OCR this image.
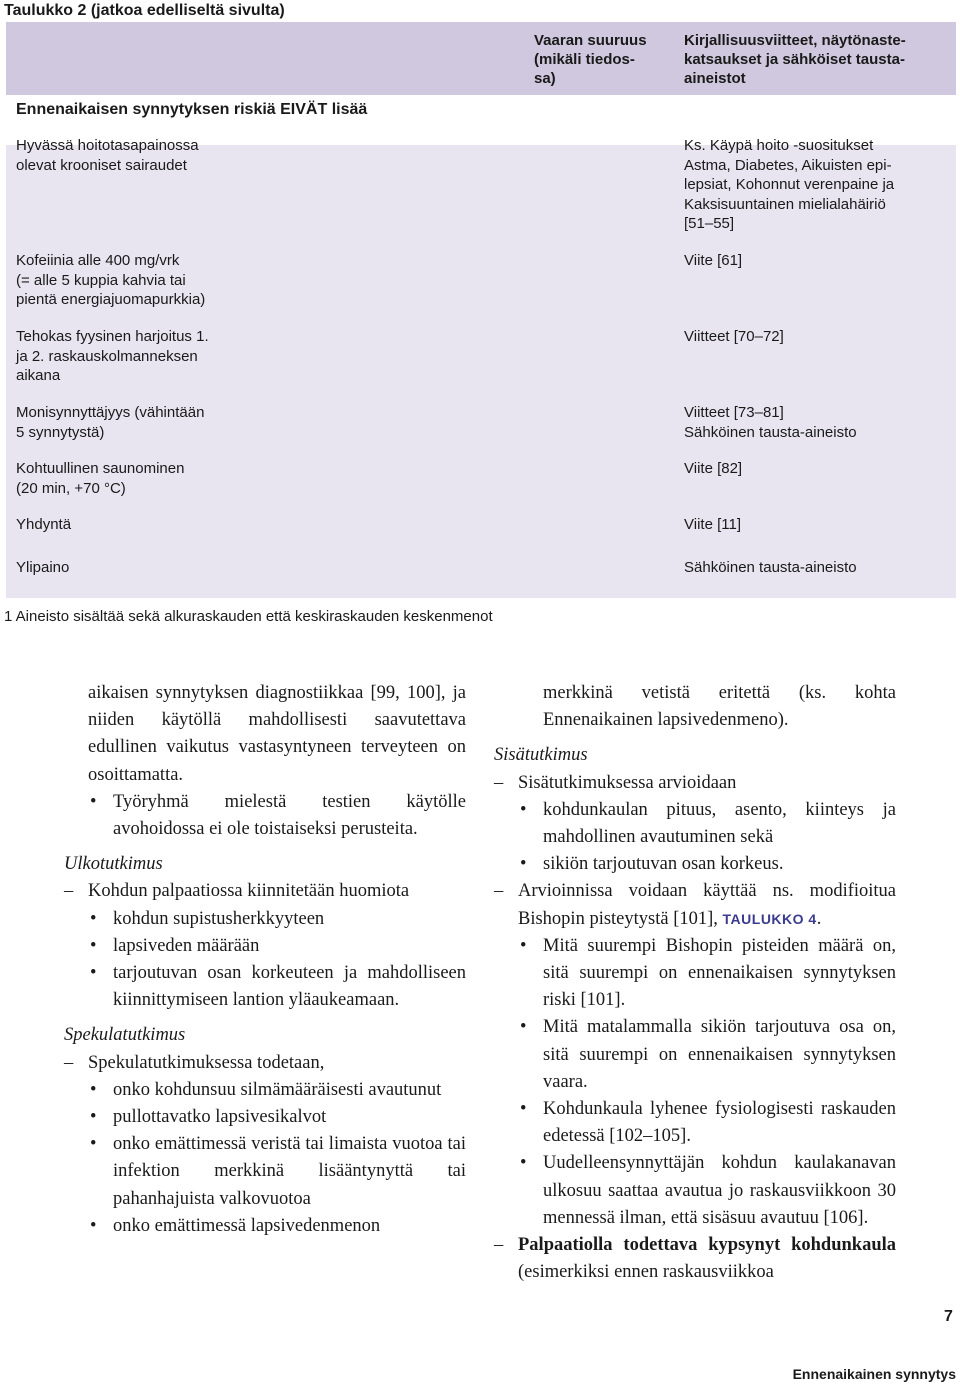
Taulukko 2 (jatkoa edelliseltä sivulta)
Vaaran suuruus
(mikäli tiedos-
sa)
Kirjallisuusviitteet, näytönaste-
katsaukset ja sähköiset tausta-
aineistot
Ennenaikaisen synnytyksen riskiä EIVÄT lisää
Hyvässä hoitotasapainossa
olevat krooniset sairaudet
Ks. Käypä hoito -suositukset
Astma, Diabetes, Aikuisten epi-
lepsiat, Kohonnut verenpaine ja
Kaksisuuntainen mielialahäiriö
[51–55]
Kofeiinia alle 400 mg/vrk
(= alle 5 kuppia kahvia tai
pientä energiajuomapurkkia)
Viite [61]
Tehokas fyysinen harjoitus 1.
ja 2. raskauskolmanneksen
aikana
Viitteet [70–72]
Monisynnyttäjyys (vähintään
5 synnytystä)
Viitteet [73–81]
Sähköinen tausta-aineisto
Kohtuullinen saunominen
(20 min, +70 °C)
Viite [82]
Yhdyntä	Viite [11]
Ylipaino	Sähköinen tausta-aineisto
1 Aineisto sisältää sekä alkuraskauden että keskiraskauden keskenmenot

aikaisen synnytyksen diagnostiikkaa [99, 100], ja niiden käytöllä mahdollisesti saavutettava edullinen vaikutus vastasyntyneen terveyteen on osoittamatta.

• Työryhmä mielestä testien käytölle avohoidossa ei ole toistaiseksi perusteita.

Ulkotutkimus

– Kohdun palpaatiossa kiinnitetään huomiota

• kohdun supistusherkkyyteen

• lapsiveden määrään

• tarjoutuvan osan korkeuteen ja mahdolliseen kiinnittymiseen lantion yläaukeamaan.

Spekulatutkimus

– Spekulatutkimuksessa todetaan,

• onko kohdunsuu silmämääräisesti avautunut

• pullottavatko lapsivesikalvot

• onko emättimessä veristä tai limaista vuotoa tai infektion merkkinä lisääntynyttä tai pahanhajuista valkovuotoa

• onko emättimessä lapsivedenmenon

merkkinä vetistä eritettä (ks. kohta Ennenaikainen lapsivedenmeno).

Sisätutkimus

– Sisätutkimuksessa arvioidaan

• kohdunkaulan pituus, asento, kiinteys ja mahdollinen avautuminen sekä

• sikiön tarjoutuvan osan korkeus.

– Arvioinnissa voidaan käyttää ns. modifioitua Bishopin pisteytystä [101], TAULUKKO 4.

• Mitä suurempi Bishopin pisteiden määrä on, sitä suurempi on ennenaikaisen synnytyksen riski [101].

• Mitä matalammalla sikiön tarjoutuva osa on, sitä suurempi on ennenaikaisen synnytyksen vaara.

• Kohdunkaula lyhenee fysiologisesti raskauden edetessä [102–105].

• Uudelleensynnyttäjän kohdun kaulakanavan ulkosuu saattaa avautua jo raskausviikkoon 30 mennessä ilman, että sisäsuu avautuu [106].

– Palpaatiolla todettava kypsynyt kohdunkaula (esimerkiksi ennen raskausviikkoa

7
Ennenaikainen synnytys
